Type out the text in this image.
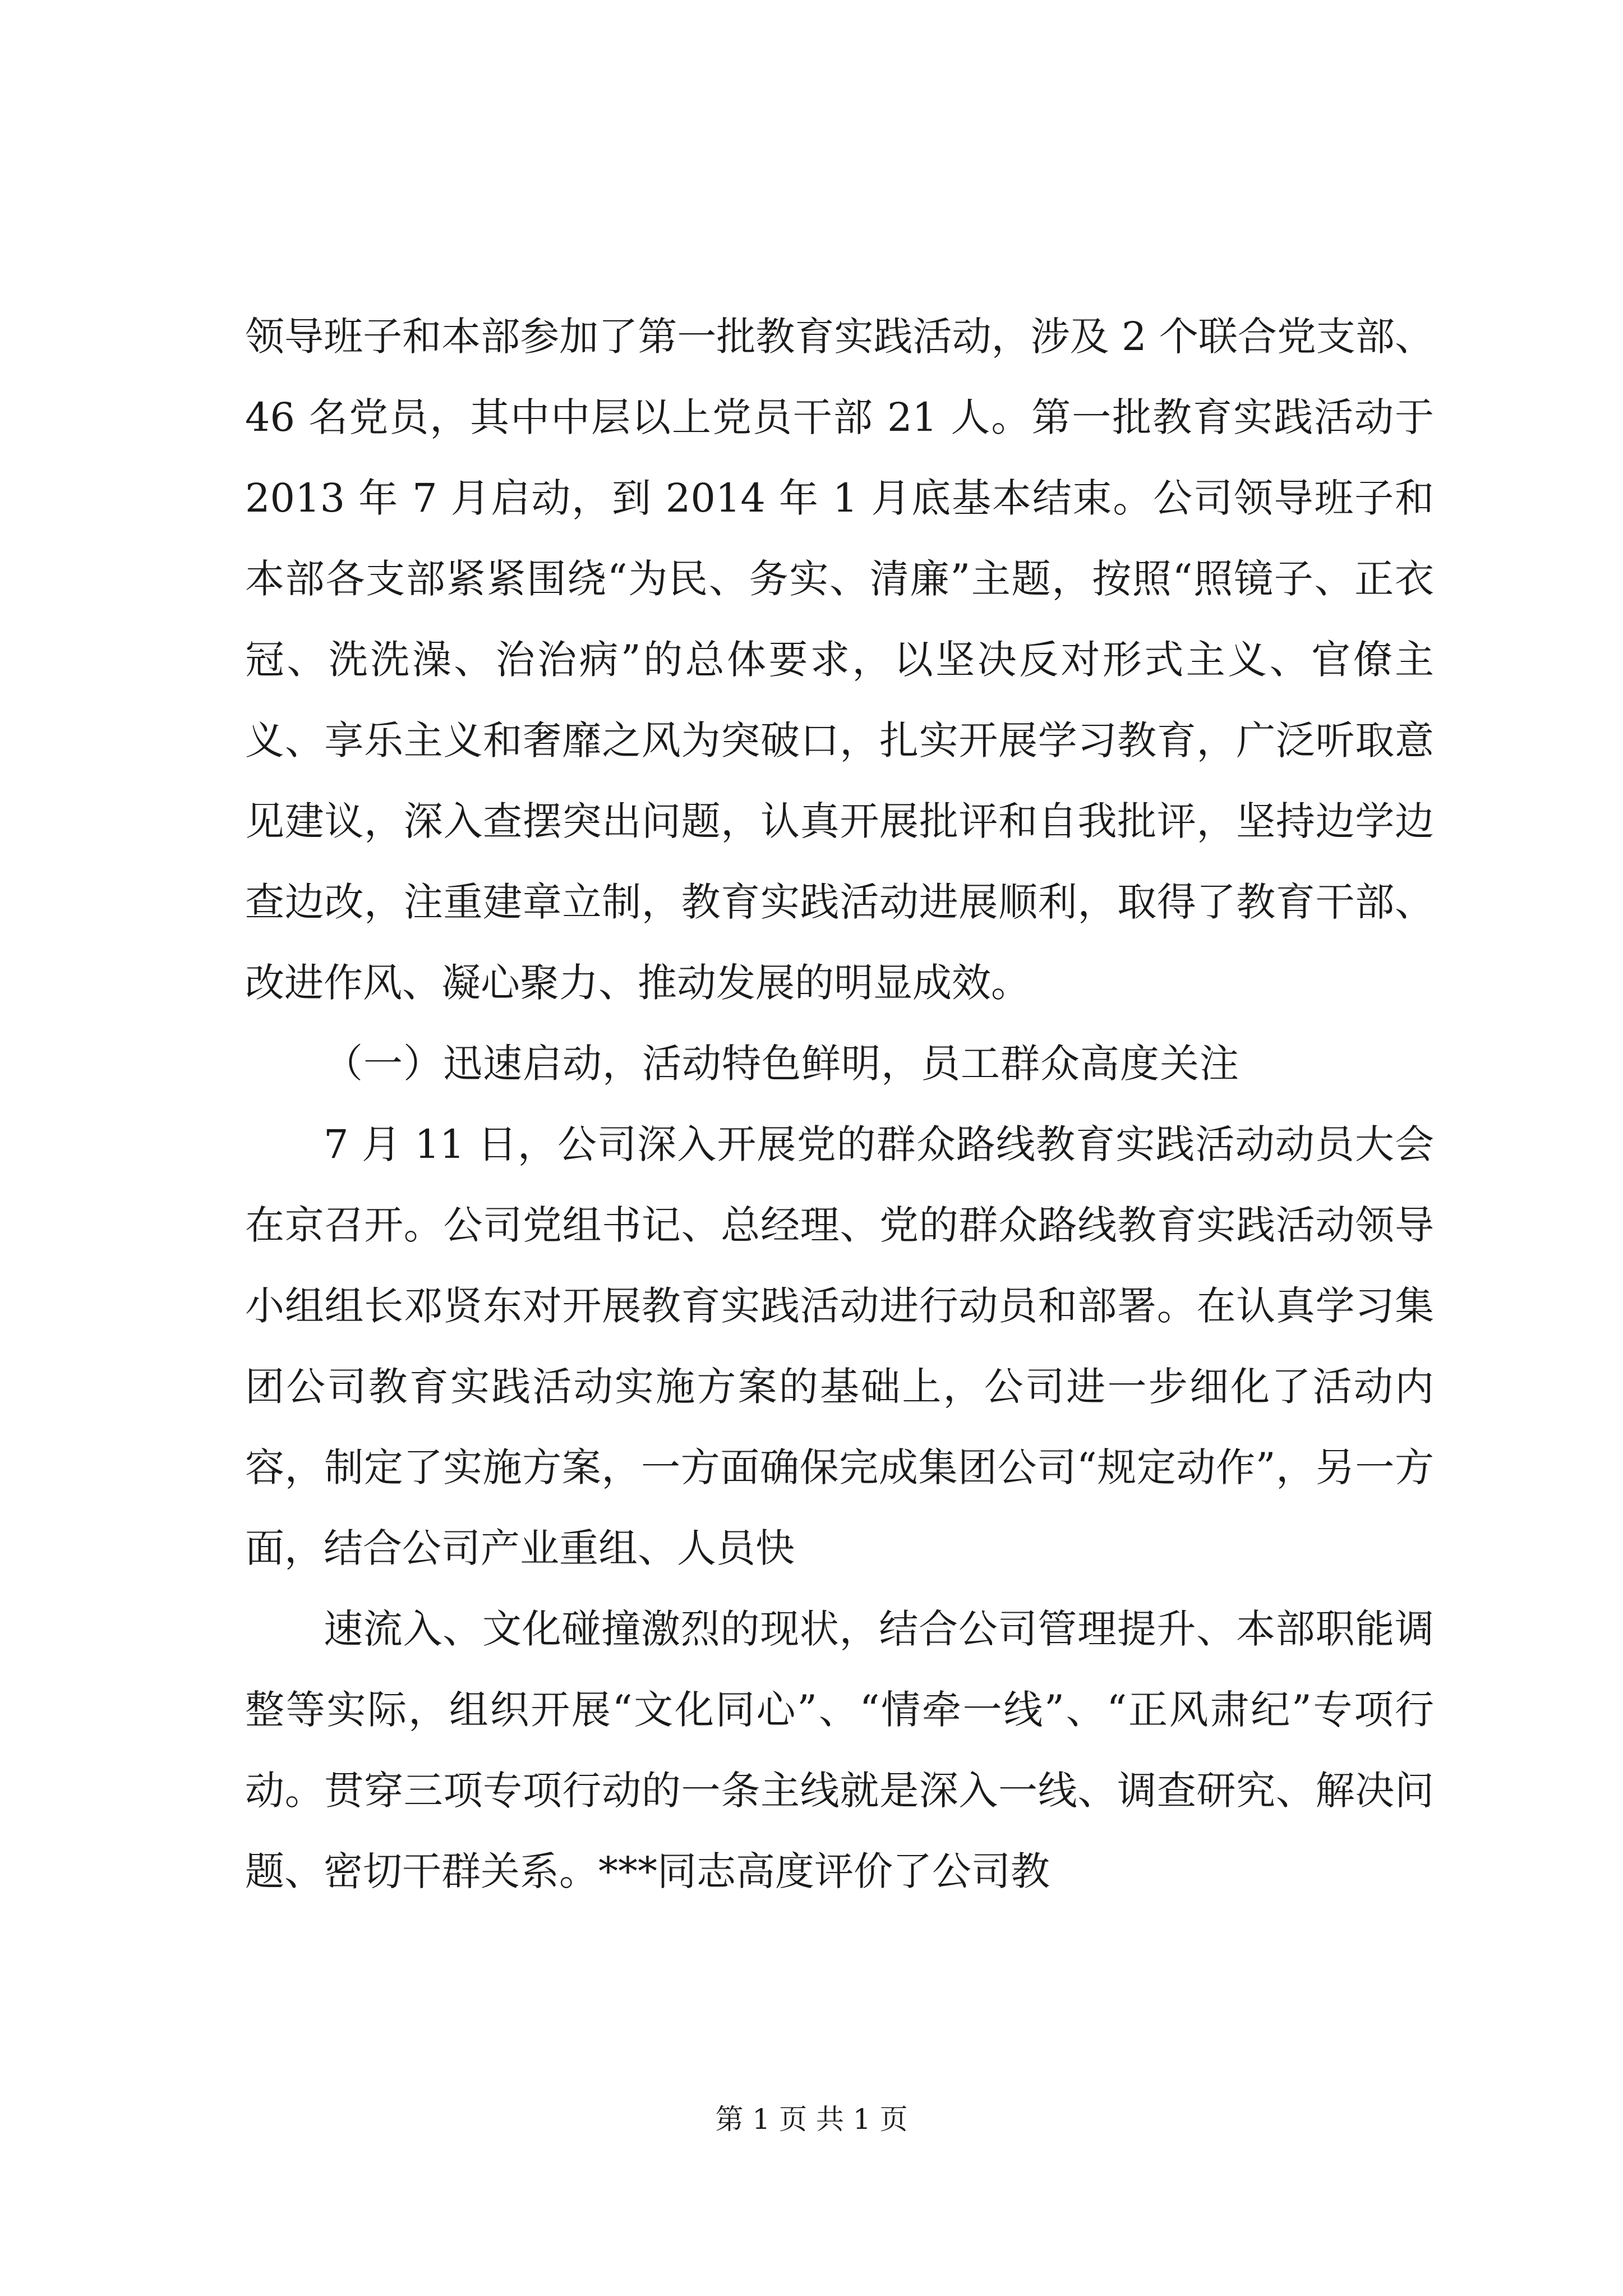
领导班子和本部参加了第一批教育实践活动，涉及 2 个联合党支部、46 名党员，其中中层以上党员干部 21 人。第一批教育实践活动于 2013 年 7 月启动，到 2014 年 1 月底基本结束。公司领导班子和本部各支部紧紧围绕“为民、务实、清廉”主题，按照“照镜子、正衣冠、洗洗澡、治治病”的总体要求，以坚决反对形式主义、官僚主义、享乐主义和奢靡之风为突破口，扎实开展学习教育，广泛听取意见建议，深入查摆突出问题，认真开展批评和自我批评，坚持边学边查边改，注重建章立制，教育实践活动进展顺利，取得了教育干部、改进作风、凝心聚力、推动发展的明显成效。

（一）迅速启动，活动特色鲜明，员工群众高度关注

7 月 11 日，公司深入开展党的群众路线教育实践活动动员大会在京召开。公司党组书记、总经理、党的群众路线教育实践活动领导小组组长邓贤东对开展教育实践活动进行动员和部署。在认真学习集团公司教育实践活动实施方案的基础上，公司进一步细化了活动内容，制定了实施方案，一方面确保完成集团公司“规定动作”，另一方面，结合公司产业重组、人员快

速流入、文化碰撞激烈的现状，结合公司管理提升、本部职能调整等实际，组织开展“文化同心”、“情牵一线”、“正风肃纪”专项行动。贯穿三项专项行动的一条主线就是深入一线、调查研究、解决问题、密切干群关系。***同志高度评价了公司教

第 1 页 共 1 页
